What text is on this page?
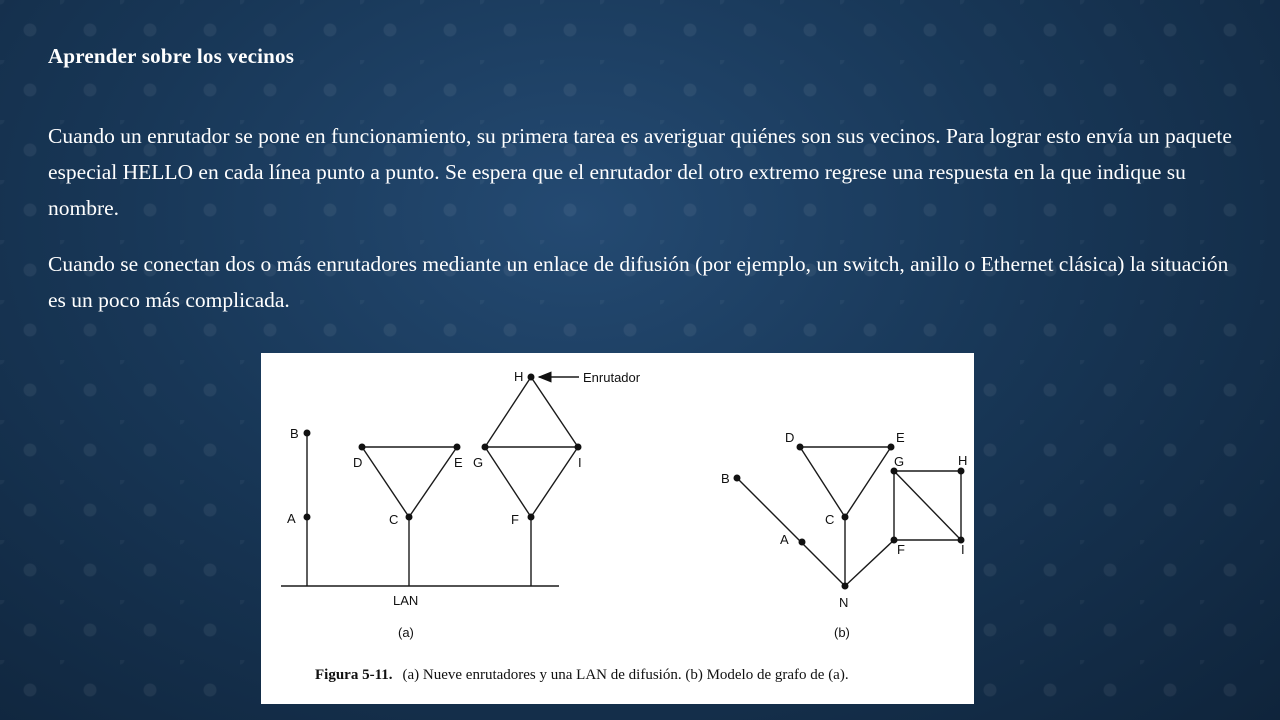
Aprender sobre los vecinos

Cuando un enrutador se pone en funcionamiento, su primera tarea es averiguar quiénes son sus vecinos. Para lograr esto envía un paquete especial HELLO en cada línea punto a punto. Se espera que el enrutador del otro extremo regrese una respuesta en la que indique su nombre.

Cuando se conectan dos o más enrutadores mediante un enlace de difusión (por ejemplo, un switch, anillo o Ethernet clásica) la situación es un poco más complicada.

B
A	C
D	E G	I
F
H	Enrutador
LAN
(a)
D	E
C
B
A
N
G	H
F	I
(b)
Figura 5-11. (a) Nueve enrutadores y una LAN de difusión. (b) Modelo de grafo de (a).
